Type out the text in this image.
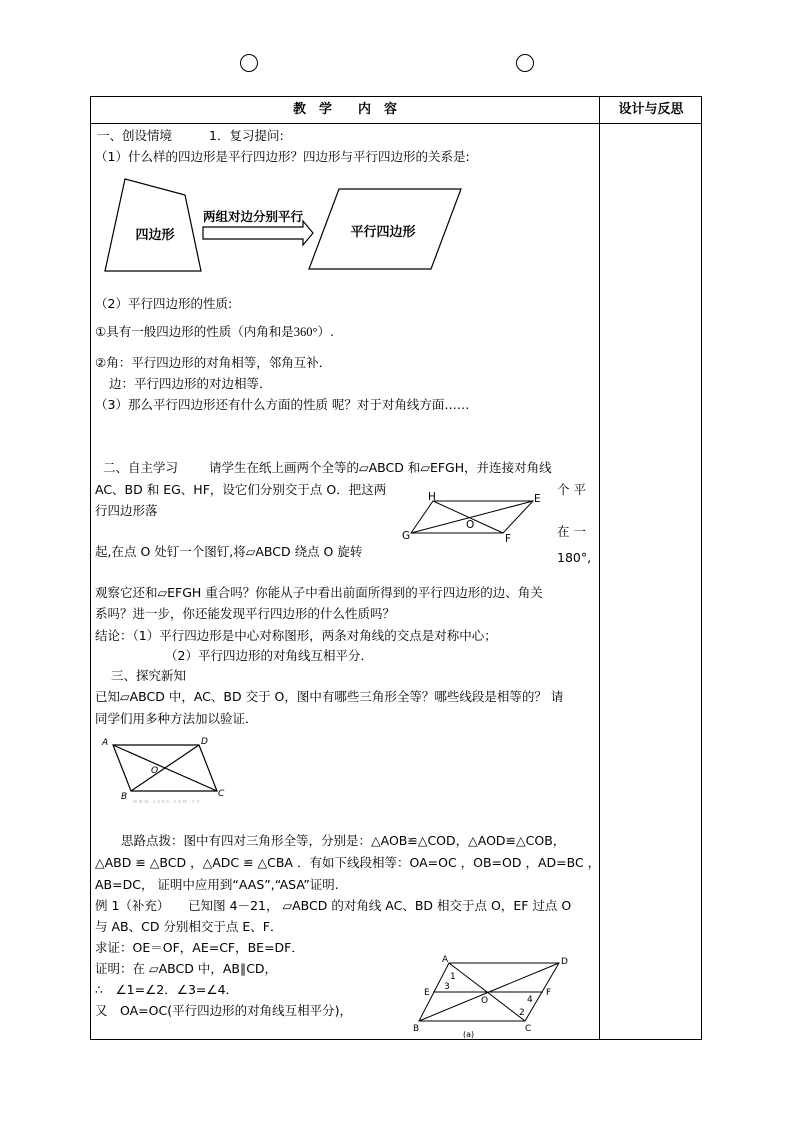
教　学　　内　容	设计与反思
一、创设情境	1．复习提问:
（1）什么样的四边形是平行四边形？四边形与平行四边形的关系是:
四边形
两组对边分别平行
平行四边形
（2）平行四边形的性质:
①具有一般四边形的性质（内角和是360°）.
②角：平行四边形的对角相等，邻角互补．
边：平行四边形的对边相等．
（3）那么平行四边形还有什么方面的性质 呢？对于对角线方面……
二、自主学习 请学生在纸上画两个全等的▱ABCD 和▱EFGH，并连接对角线
AC、BD 和 EG、HF，设它们分别交于点 O．把这两	个 平
行四边形落
H	E
G	F
O	在 一
起,在点 O 处钉一个图钉,将▱ABCD 绕点 O 旋转	180°,
观察它还和▱EFGH 重合吗？你能从子中看出前面所得到的平行四边形的边、角关
系吗？进一步，你还能发现平行四边形的什么性质吗？
结论：（1）平行四边形是中心对称图形，两条对角线的交点是对称中心；
（2）平行四边形的对角线互相平分．
三、探究新知
已知▱ABCD 中，AC、BD 交于 O，图中有哪些三角形全等？哪些线段是相等的？ 请
同学们用多种方法加以验证．
A	D
B	C
O
w w w . c s x s . c o m . c n
思路点拨：图中有四对三角形全等，分别是：△AOB≌△COD，△AOD≌△COB，
△ABD ≌ △BCD ，△ADC ≌ △CBA ．有如下线段相等：OA=OC ，OB=OD ，AD=BC ，
AB=DC， 证明中应用到“AAS”,“ASA”证明.
例 1（补充）　　已知图 4－21， ▱ABCD 的对角线 AC、BD 相交于点 O，EF 过点 O
与 AB、CD 分别相交于点 E、F．
求证：OE＝OF，AE=CF，BE=DF．
证明：在 ▱ABCD 中，AB∥CD，
∴　∠1=∠2．∠3=∠4．
又　OA=OC(平行四边形的对角线互相平分)，
A	D
E	F
O
B	C
1
3
4
2
(a)
